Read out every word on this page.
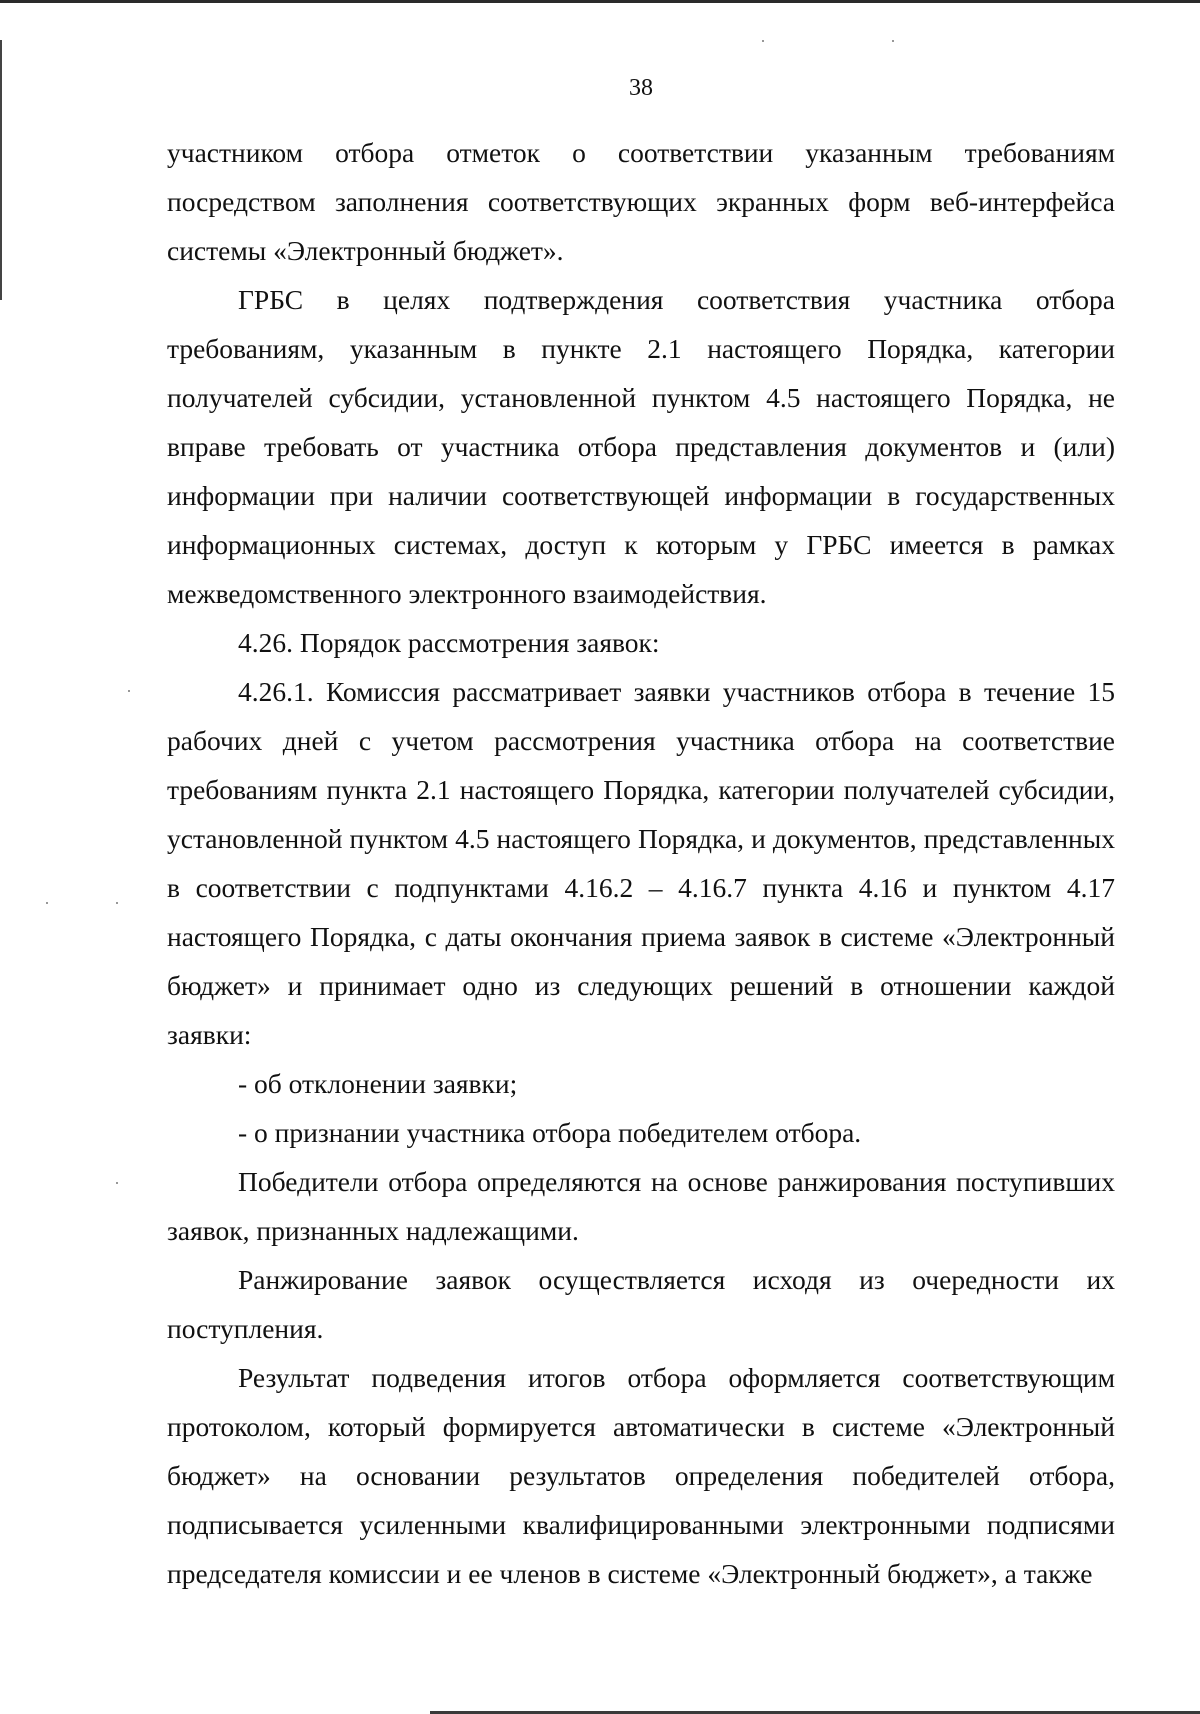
38

участником отбора отметок о соответствии указанным требованиям посредством заполнения соответствующих экранных форм веб-интерфейса системы «Электронный бюджет».

ГРБС в целях подтверждения соответствия участника отбора требованиям, указанным в пункте 2.1 настоящего Порядка, категории получателей субсидии, установленной пунктом 4.5 настоящего Порядка, не вправе требовать от участника отбора представления документов и (или) информации при наличии соответствующей информации в государственных информационных системах, доступ к которым у ГРБС имеется в рамках межведомственного электронного взаимодействия.

4.26. Порядок рассмотрения заявок:

4.26.1. Комиссия рассматривает заявки участников отбора в течение 15 рабочих дней с учетом рассмотрения участника отбора на соответствие требованиям пункта 2.1 настоящего Порядка, категории получателей субсидии, установленной пунктом 4.5 настоящего Порядка, и документов, представленных в соответствии с подпунктами 4.16.2 – 4.16.7 пункта 4.16 и пунктом 4.17 настоящего Порядка, с даты окончания приема заявок в системе «Электронный бюджет» и принимает одно из следующих решений в отношении каждой заявки:

- об отклонении заявки;

- о признании участника отбора победителем отбора.

Победители отбора определяются на основе ранжирования поступивших заявок, признанных надлежащими.

Ранжирование заявок осуществляется исходя из очередности их поступления.

Результат подведения итогов отбора оформляется соответствующим протоколом, который формируется автоматически в системе «Электронный бюджет» на основании результатов определения победителей отбора, подписывается усиленными квалифицированными электронными подписями председателя комиссии и ее членов в системе «Электронный бюджет», а также
